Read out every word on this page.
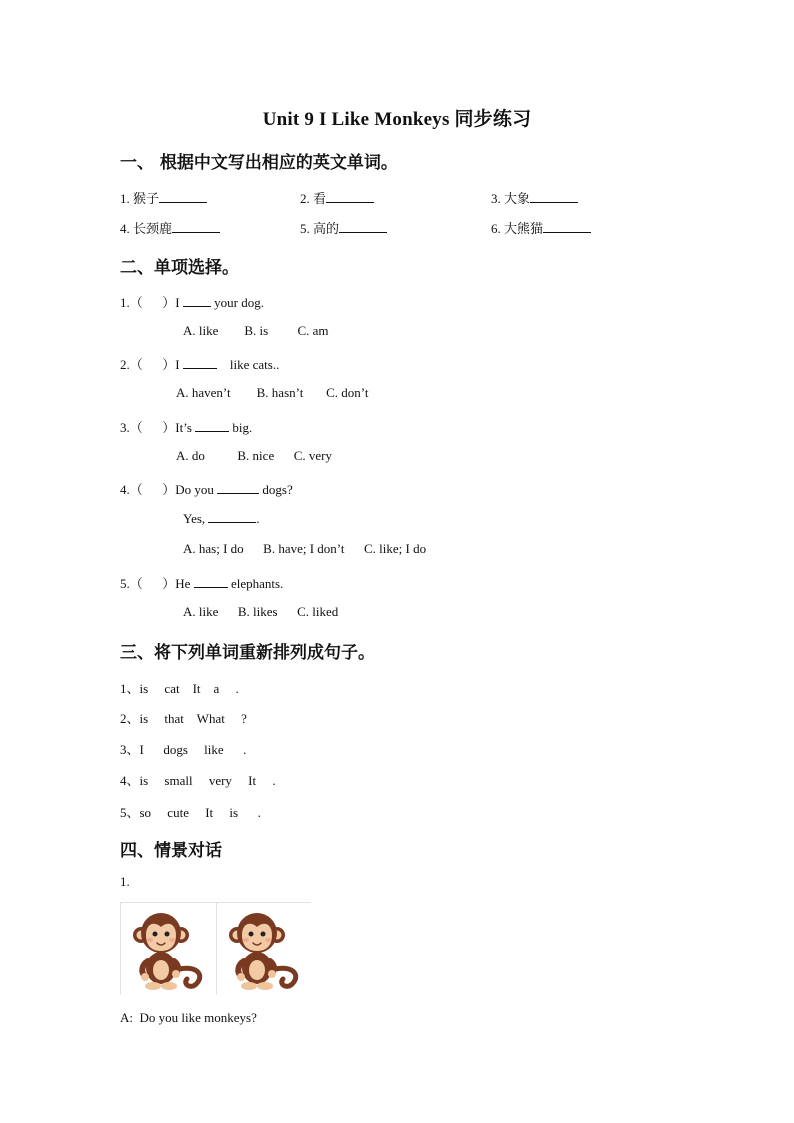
Unit 9 I Like Monkeys 同步练习
一、 根据中文写出相应的英文单词。
1. 猴子	2. 看	3. 大象
4. 长颈鹿	5. 高的	6. 大熊猫
二、单项选择。
1.（      ）I  your dog.
A. like        B. is         C. am
2.（      ）I	like cats..
A. haven’t        B. hasn’t       C. don’t
3.（      ）It’s	big.
A. do          B. nice      C. very
4.（      ）Do you	dogs?
Yes,	.
A. has; I do      B. have; I don’t      C. like; I do
5.（      ）He	elephants.
A. like      B. likes      C. liked
三、将下列单词重新排列成句子。
1、is     cat    It    a     .
2、is     that    What     ?
3、I      dogs     like      .
4、is     small     very     It     .
5、so     cute     It     is      .
四、情景对话
1.
A:  Do you like monkeys?
